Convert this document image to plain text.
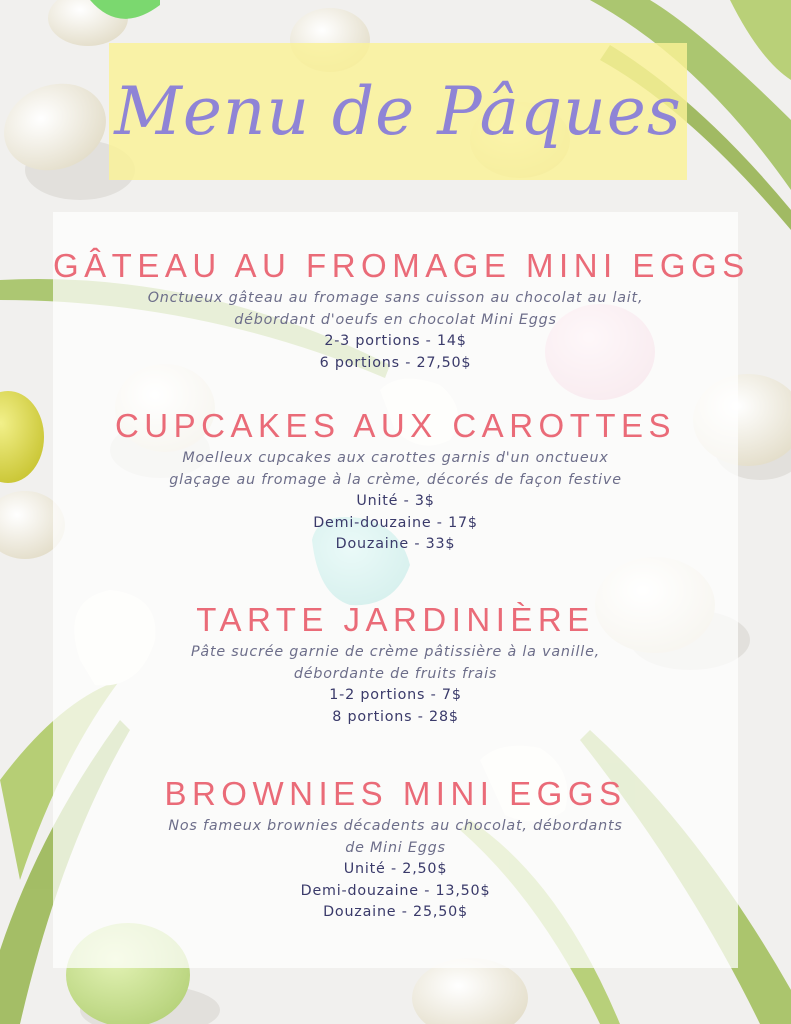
Menu de Pâques
GÂTEAU AU FROMAGE MINI EGGS
Onctueux gâteau au fromage sans cuisson au chocolat au lait,
débordant d'oeufs en chocolat Mini Eggs
2-3 portions - 14$
6 portions - 27,50$
CUPCAKES AUX CAROTTES
Moelleux cupcakes aux carottes garnis d'un onctueux
glaçage au fromage à la crème, décorés de façon festive
Unité - 3$
Demi-douzaine - 17$
Douzaine - 33$
TARTE JARDINIÈRE
Pâte sucrée garnie de crème pâtissière à la vanille,
débordante de fruits frais
1-2 portions - 7$
8 portions - 28$
BROWNIES MINI EGGS
Nos fameux brownies décadents au chocolat, débordants
de Mini Eggs
Unité - 2,50$
Demi-douzaine - 13,50$
Douzaine - 25,50$
